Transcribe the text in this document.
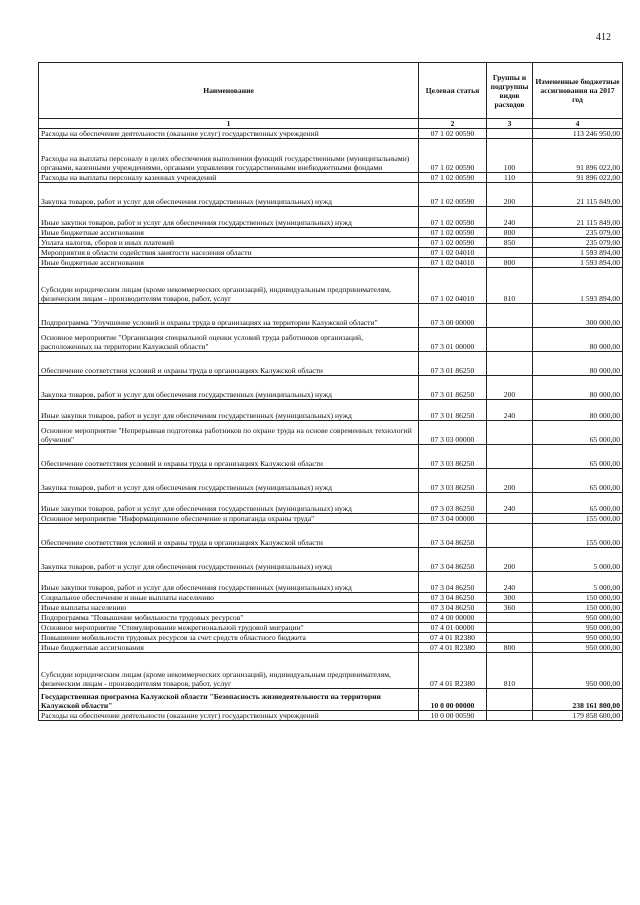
412
Наименование	Целевая статья	Группы и подгруппы видов расходов	Измененные бюджетные ассигнования на 2017 год
1	2	3	4
Расходы на обеспечение деятельности (оказание услуг) государственных учреждений	07 1 02 00590		113 246 950,00
Расходы на выплаты персоналу в целях обеспечения выполнения функций государственными (муниципальными) органами, казенными учреждениями, органами управления государственными внебюджетными фондами	07 1 02 00590	100	91 896 022,00
Расходы на выплаты персоналу казенных учреждений	07 1 02 00590	110	91 896 022,00
Закупка товаров, работ и услуг для обеспечения государственных (муниципальных) нужд	07 1 02 00590	200	21 115 849,00
Иные закупки товаров, работ и услуг для обеспечения государственных (муниципальных) нужд	07 1 02 00590	240	21 115 849,00
Иные бюджетные ассигнования	07 1 02 00590	800	235 079,00
Уплата налогов, сборов и иных платежей	07 1 02 00590	850	235 079,00
Мероприятия в области содействия занятости населения области	07 1 02 04010		1 593 894,00
Иные бюджетные ассигнования	07 1 02 04010	800	1 593 894,00
Субсидии юридическим лицам (кроме некоммерческих организаций), индивидуальным предпринимателям, физическим лицам - производителям товаров, работ, услуг	07 1 02 04010	810	1 593 894,00
Подпрограмма "Улучшение условий и охраны труда в организациях на территории Калужской области"	07 3 00 00000		300 000,00
Основное мероприятие "Организация специальной оценки условий труда работников организаций, расположенных на территории Калужской области"	07 3 01 00000		80 000,00
Обеспечение соответствия условий и охраны труда в организациях Калужской области	07 3 01 86250		80 000,00
Закупка товаров, работ и услуг для обеспечения государственных (муниципальных) нужд	07 3 01 86250	200	80 000,00
Иные закупки товаров, работ и услуг для обеспечения государственных (муниципальных) нужд	07 3 01 86250	240	80 000,00
Основное мероприятие "Непрерывная подготовка работников по охране труда на основе современных технологий обучения"	07 3 03 00000		65 000,00
Обеспечение соответствия условий и охраны труда в организациях Калужской области	07 3 03 86250		65 000,00
Закупка товаров, работ и услуг для обеспечения государственных (муниципальных) нужд	07 3 03 86250	200	65 000,00
Иные закупки товаров, работ и услуг для обеспечения государственных (муниципальных) нужд	07 3 03 86250	240	65 000,00
Основное мероприятие "Информационное обеспечение и пропаганда охраны труда"	07 3 04 00000		155 000,00
Обеспечение соответствия условий и охраны труда в организациях Калужской области	07 3 04 86250		155 000,00
Закупка товаров, работ и услуг для обеспечения государственных (муниципальных) нужд	07 3 04 86250	200	5 000,00
Иные закупки товаров, работ и услуг для обеспечения государственных (муниципальных) нужд	07 3 04 86250	240	5 000,00
Социальное обеспечение и иные выплаты населению	07 3 04 86250	300	150 000,00
Иные выплаты населению	07 3 04 86250	360	150 000,00
Подпрограмма "Повышение мобильности трудовых ресурсов"	07 4 00 00000		950 000,00
Основное мероприятие "Стимулирование межрегиональной трудовой миграции"	07 4 01 00000		950 000,00
Повышение мобильности трудовых ресурсов за счет средств областного бюджета	07 4 01 R2380		950 000,00
Иные бюджетные ассигнования	07 4 01 R2380	800	950 000,00
Субсидии юридическим лицам (кроме некоммерческих организаций), индивидуальным предпринимателям, физическим лицам - производителям товаров, работ, услуг	07 4 01 R2380	810	950 000,00
Государственная программа Калужской области "Безопасность жизнедеятельности на территории Калужской области"	10 0 00 00000		238 161 800,00
Расходы на обеспечение деятельности (оказание услуг) государственных учреждений	10 0 00 00590		179 858 600,00
